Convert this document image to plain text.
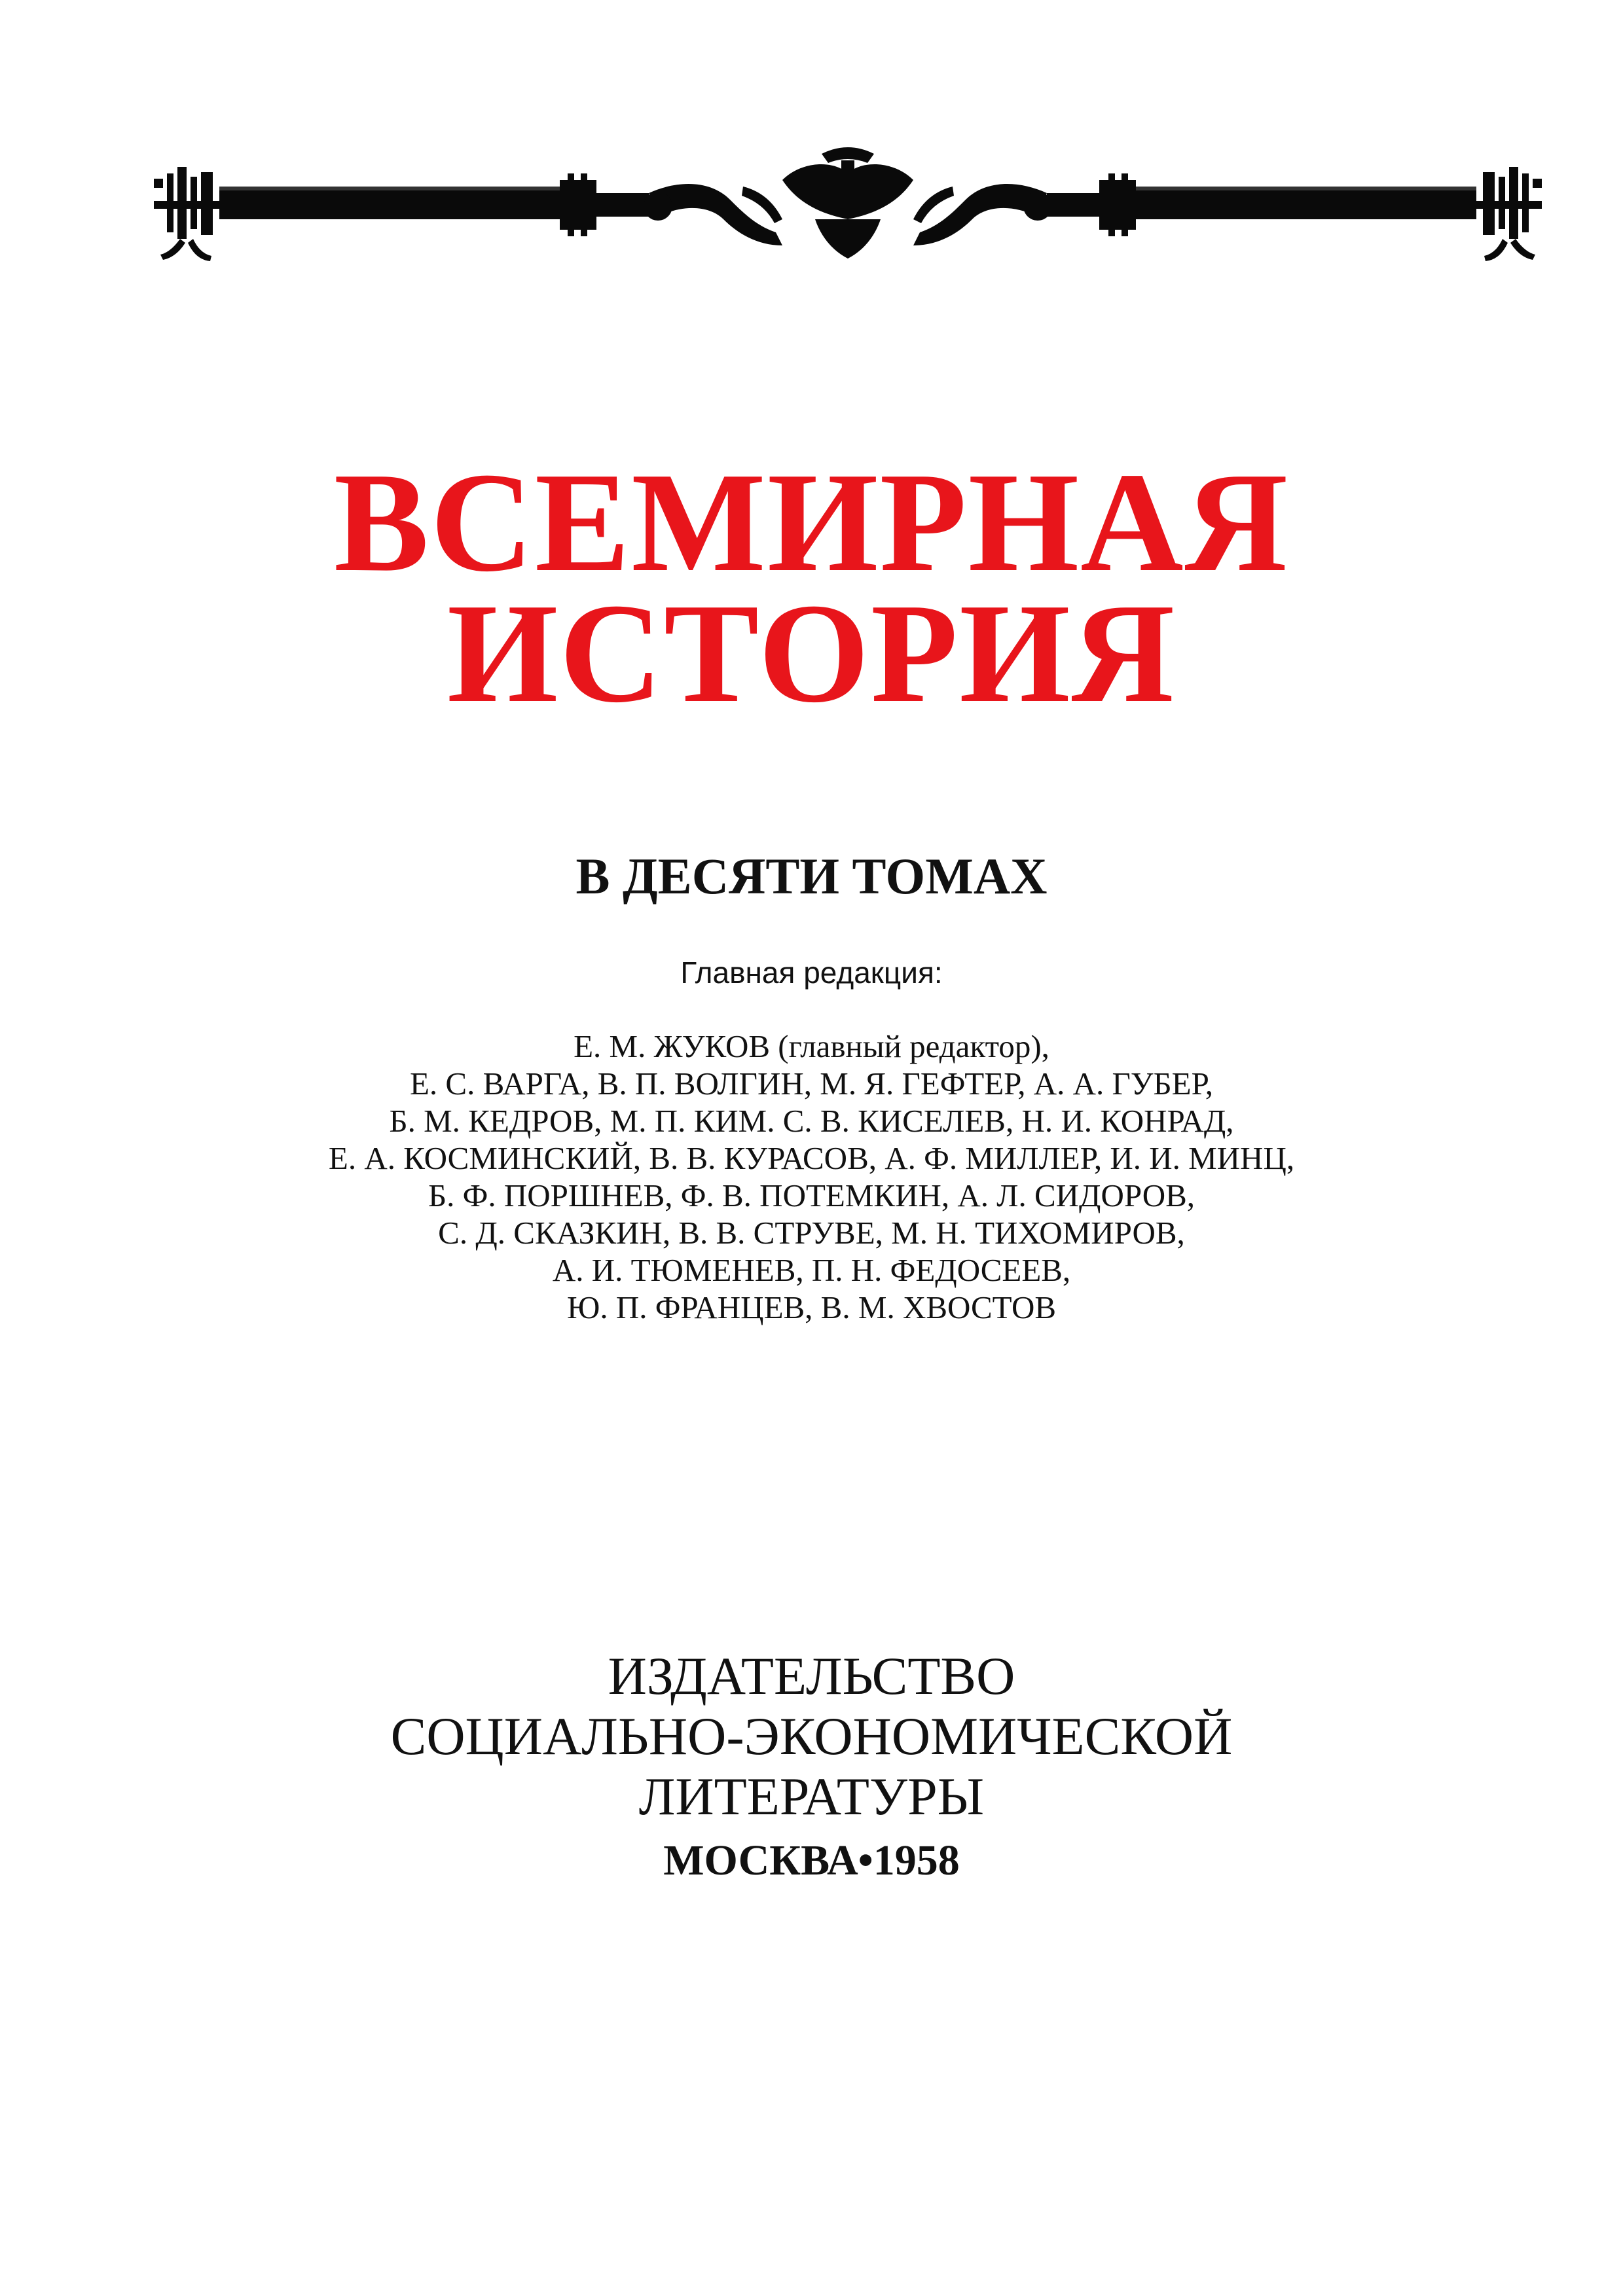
ВСЕМИРНАЯ
ИСТОРИЯ
В ДЕСЯТИ ТОМАХ
Главная редакция:
Е. М. ЖУКОВ (главный редактор),
Е. С. ВАРГА, В. П. ВОЛГИН, М. Я. ГЕФТЕР, А. А. ГУБЕР,
Б. М. КЕДРОВ, М. П. КИМ. С. В. КИСЕЛЕВ, Н. И. КОНРАД,
Е. А. КОСМИНСКИЙ, В. В. КУРАСОВ, А. Ф. МИЛЛЕР, И. И. МИНЦ,
Б. Ф. ПОРШНЕВ, Ф. В. ПОТЕМКИН, А. Л. СИДОРОВ,
С. Д. СКАЗКИН, В. В. СТРУВЕ, М. Н. ТИХОМИРОВ,
А. И. ТЮМЕНЕВ, П. Н. ФЕДОСЕЕВ,
Ю. П. ФРАНЦЕВ, В. М. ХВОСТОВ
ИЗДАТЕЛЬСТВО
СОЦИАЛЬНО-ЭКОНОМИЧЕСКОЙ
ЛИТЕРАТУРЫ
МОСКВА•1958
